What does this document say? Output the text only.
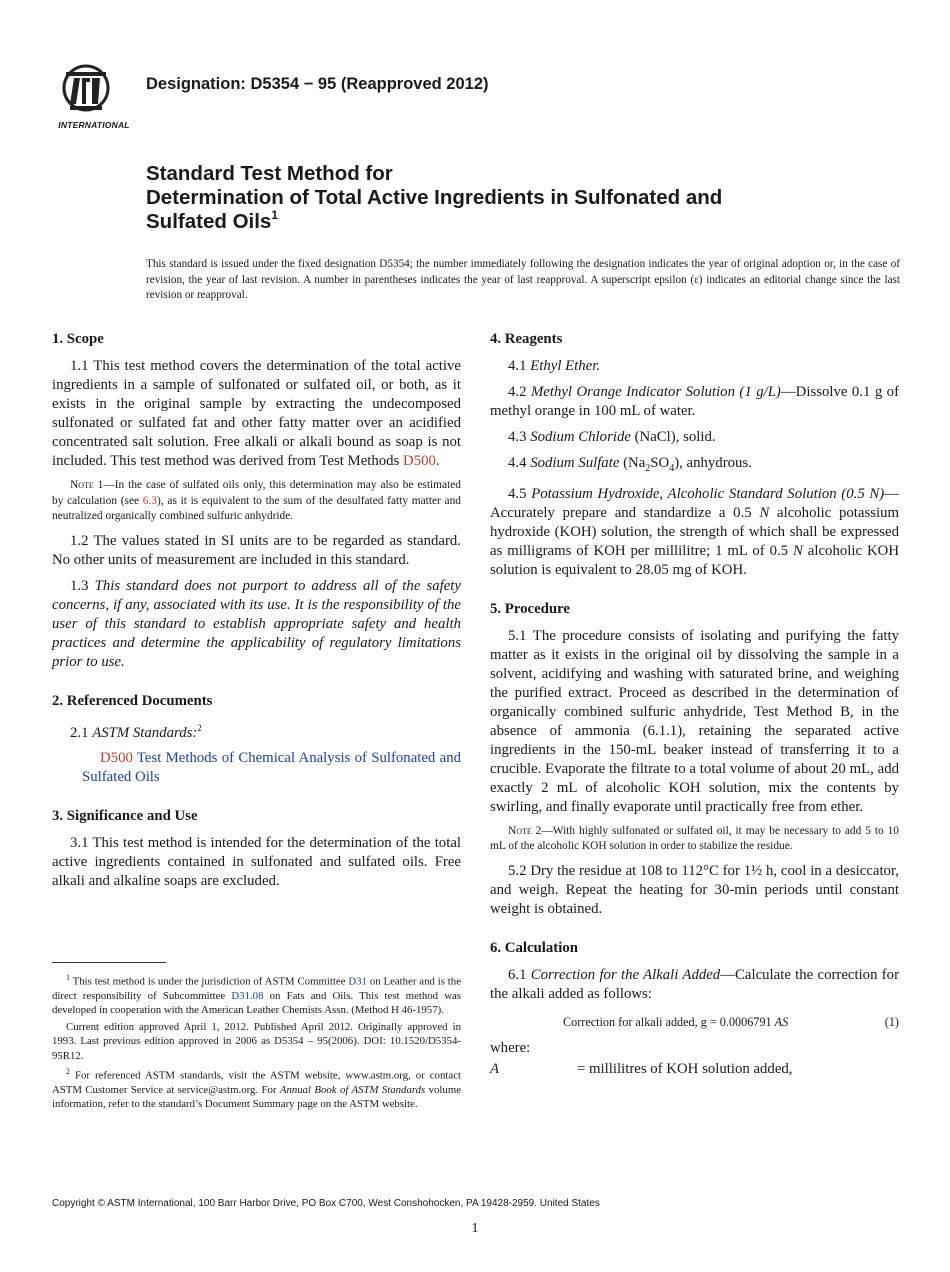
INTERNATIONAL
Designation: D5354 − 95 (Reapproved 2012)
Standard Test Method for
Determination of Total Active Ingredients in Sulfonated and
Sulfated Oils$^1$
This standard is issued under the fixed designation D5354; the number immediately following the designation indicates the year of original adoption or, in the case of revision, the year of last revision. A number in parentheses indicates the year of last reapproval. A superscript epsilon (ε) indicates an editorial change since the last revision or reapproval.
1. Scope

1.1 This test method covers the determination of the total active ingredients in a sample of sulfonated or sulfated oil, or both, as it exists in the original sample by extracting the undecomposed sulfonated or sulfated fat and other fatty matter over an acidified concentrated salt solution. Free alkali or alkali bound as soap is not included. This test method was derived from Test Methods D500.

Note 1—In the case of sulfated oils only, this determination may also be estimated by calculation (see 6.3), as it is equivalent to the sum of the desulfated fatty matter and neutralized organically combined sulfuric anhydride.

1.2 The values stated in SI units are to be regarded as standard. No other units of measurement are included in this standard.

1.3 This standard does not purport to address all of the safety concerns, if any, associated with its use. It is the responsibility of the user of this standard to establish appropriate safety and health practices and determine the applicability of regulatory limitations prior to use.

2. Referenced Documents

2.1 ASTM Standards:$^2$

D500 Test Methods of Chemical Analysis of Sulfonated and Sulfated Oils

3. Significance and Use

3.1 This test method is intended for the determination of the total active ingredients contained in sulfonated and sulfated oils. Free alkali and alkaline soaps are excluded.

$^1$ This test method is under the jurisdiction of ASTM Committee D31 on Leather and is the direct responsibility of Subcommittee D31.08 on Fats and Oils. This test method was developed in cooperation with the American Leather Chemists Assn. (Method H 46-1957).

Current edition approved April 1, 2012. Published April 2012. Originally approved in 1993. Last previous edition approved in 2006 as D5354 – 95(2006). DOI: 10.1520/D5354-95R12.

$^2$ For referenced ASTM standards, visit the ASTM website, www.astm.org, or contact ASTM Customer Service at service@astm.org. For Annual Book of ASTM Standards volume information, refer to the standard’s Document Summary page on the ASTM website.

4. Reagents

4.1 Ethyl Ether.

4.2 Methyl Orange Indicator Solution (1 g/L)—Dissolve 0.1 g of methyl orange in 100 mL of water.

4.3 Sodium Chloride (NaCl), solid.

4.4 Sodium Sulfate $(Na_2SO_4)$, anhydrous.

4.5 Potassium Hydroxide, Alcoholic Standard Solution (0.5 N)—Accurately prepare and standardize a 0.5 N alcoholic potassium hydroxide (KOH) solution, the strength of which shall be expressed as milligrams of KOH per millilitre; 1 mL of 0.5 N alcoholic KOH solution is equivalent to 28.05 mg of KOH.

5. Procedure

5.1 The procedure consists of isolating and purifying the fatty matter as it exists in the original oil by dissolving the sample in a solvent, acidifying and washing with saturated brine, and weighing the purified extract. Proceed as described in the determination of organically combined sulfuric anhydride, Test Method B, in the absence of ammonia (6.1.1), retaining the separated active ingredients in the 150-mL beaker instead of transferring it to a crucible. Evaporate the filtrate to a total volume of about 20 mL, add exactly 2 mL of alcoholic KOH solution, mix the contents by swirling, and finally evaporate until practically free from ether.

Note 2—With highly sulfonated or sulfated oil, it may be necessary to add 5 to 10 mL of the alcoholic KOH solution in order to stabilize the residue.

5.2 Dry the residue at 108 to 112°C for 1½ h, cool in a desiccator, and weigh. Repeat the heating for 30-min periods until constant weight is obtained.

6. Calculation

6.1 Correction for the Alkali Added—Calculate the correction for the alkali added as follows:

Correction for alkali added, g = 0.0006791 AS	(1)

where:

A	= millilitres of KOH solution added,
Copyright © ASTM International, 100 Barr Harbor Drive, PO Box C700, West Conshohocken, PA 19428-2959. United States
1
